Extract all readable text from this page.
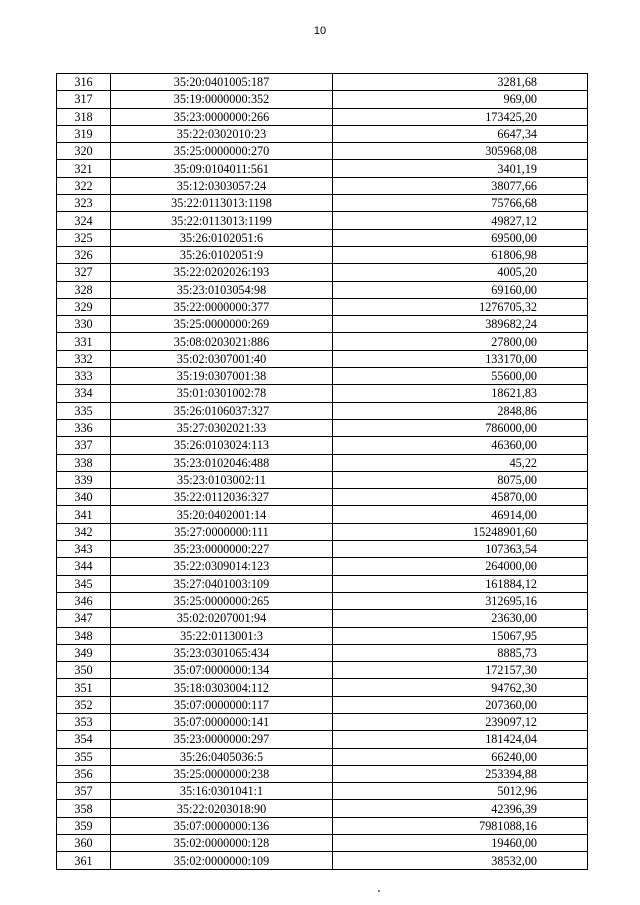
10
316	35:20:0401005:187	3281,68
317	35:19:0000000:352	969,00
318	35:23:0000000:266	173425,20
319	35:22:0302010:23	6647,34
320	35:25:0000000:270	305968,08
321	35:09:0104011:561	3401,19
322	35:12:0303057:24	38077,66
323	35:22:0113013:1198	75766,68
324	35:22:0113013:1199	49827,12
325	35:26:0102051:6	69500,00
326	35:26:0102051:9	61806,98
327	35:22:0202026:193	4005,20
328	35:23:0103054:98	69160,00
329	35:22:0000000:377	1276705,32
330	35:25:0000000:269	389682,24
331	35:08:0203021:886	27800,00
332	35:02:0307001:40	133170,00
333	35:19:0307001:38	55600,00
334	35:01:0301002:78	18621,83
335	35:26:0106037:327	2848,86
336	35:27:0302021:33	786000,00
337	35:26:0103024:113	46360,00
338	35:23:0102046:488	45,22
339	35:23:0103002:11	8075,00
340	35:22:0112036:327	45870,00
341	35:20:0402001:14	46914,00
342	35:27:0000000:111	15248901,60
343	35:23:0000000:227	107363,54
344	35:22:0309014:123	264000,00
345	35:27:0401003:109	161884,12
346	35:25:0000000:265	312695,16
347	35:02:0207001:94	23630,00
348	35:22:0113001:3	15067,95
349	35:23:0301065:434	8885,73
350	35:07:0000000:134	172157,30
351	35:18:0303004:112	94762,30
352	35:07:0000000:117	207360,00
353	35:07:0000000:141	239097,12
354	35:23:0000000:297	181424,04
355	35:26:0405036:5	66240,00
356	35:25:0000000:238	253394,88
357	35:16:0301041:1	5012,96
358	35:22:0203018:90	42396,39
359	35:07:0000000:136	7981088,16
360	35:02:0000000:128	19460,00
361	35:02:0000000:109	38532,00
